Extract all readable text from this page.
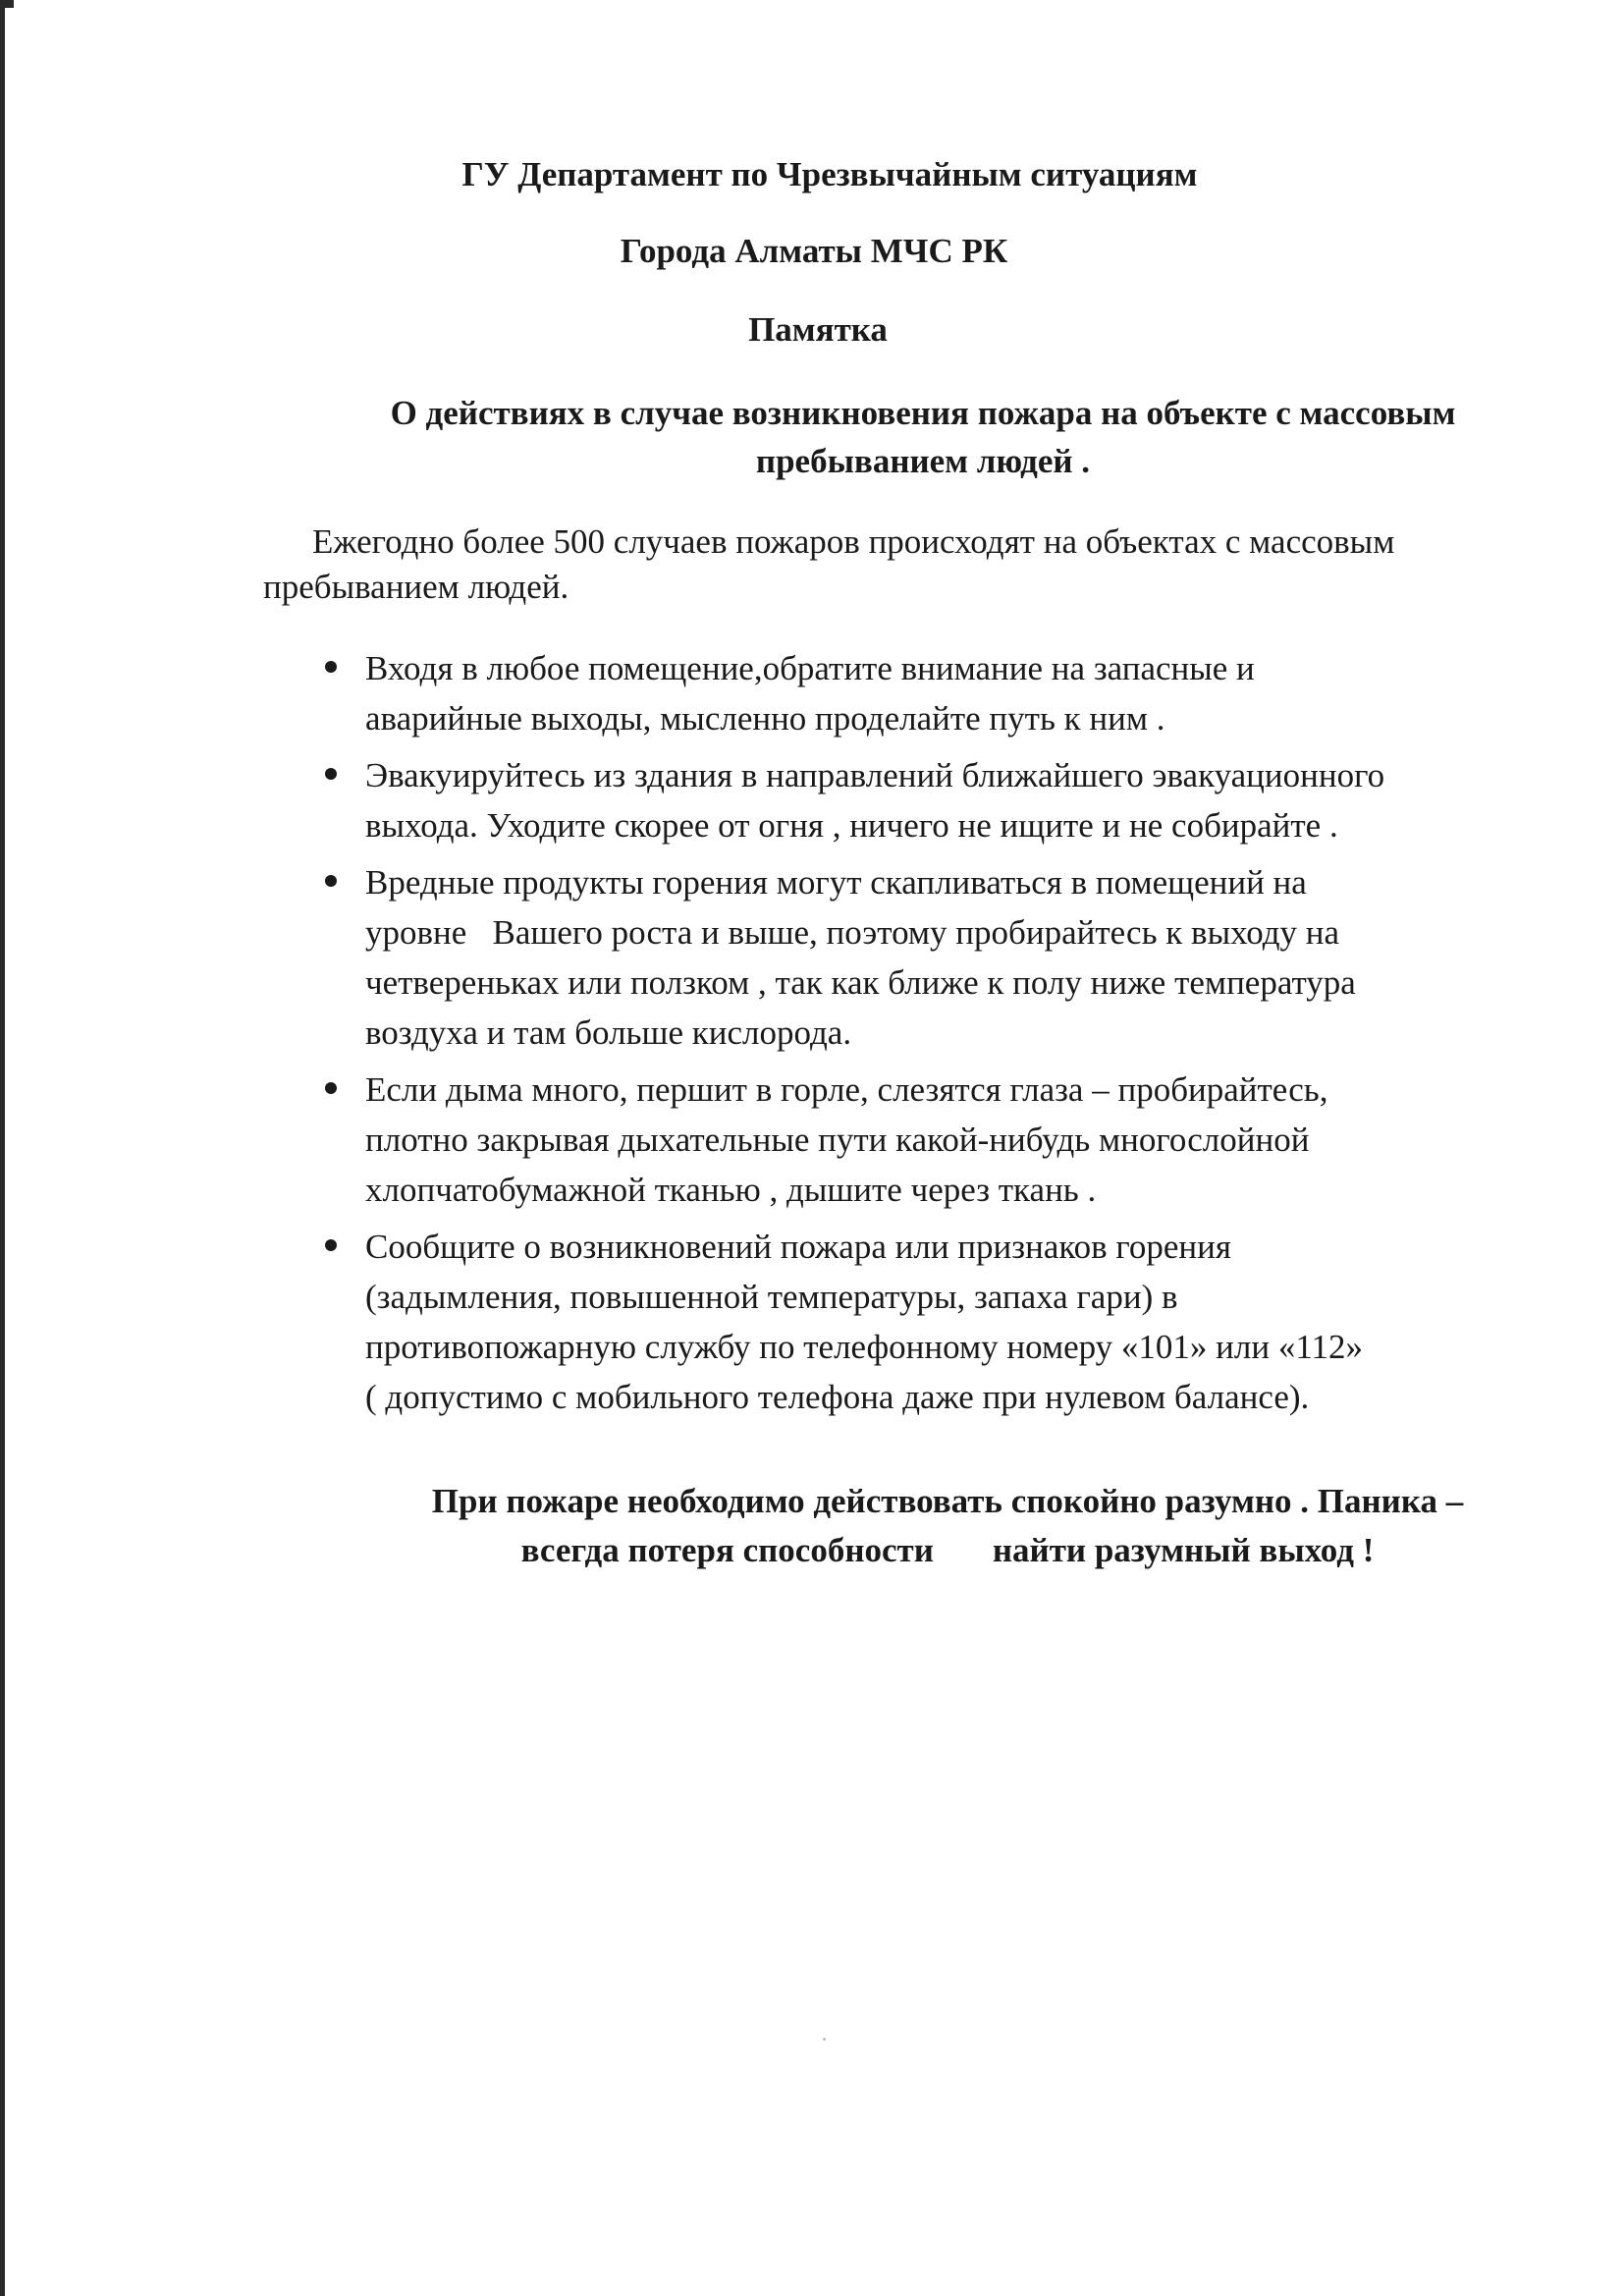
ГУ Департамент по Чрезвычайным ситуациям
Города Алматы МЧС РК
Памятка
О действиях в случае возникновения пожара на объекте с массовым
пребыванием людей .
Ежегодно более 500 случаев пожаров происходят на объектах с массовым
пребыванием людей.
Входя в любое помещение,обратите внимание на запасные и
аварийные выходы, мысленно проделайте путь к ним .
Эвакуируйтесь из здания в направлений ближайшего эвакуационного
выхода. Уходите скорее от огня , ничего не ищите и не собирайте .
Вредные продукты горения могут скапливаться в помещений на
уровне   Вашего роста и выше, поэтому пробирайтесь к выходу на
четвереньках или ползком , так как ближе к полу ниже температура
воздуха и там больше кислорода.
Если дыма много, першит в горле, слезятся глаза – пробирайтесь,
плотно закрывая дыхательные пути какой-нибудь многослойной
хлопчатобумажной тканью , дышите через ткань .
Сообщите о возникновений пожара или признаков горения
(задымления, повышенной температуры, запаха гари) в
противопожарную службу по телефонному номеру «101» или «112»
( допустимо с мобильного телефона даже при нулевом балансе).
При пожаре необходимо действовать спокойно разумно . Паника –
всегда потеря способности найти разумный выход !
